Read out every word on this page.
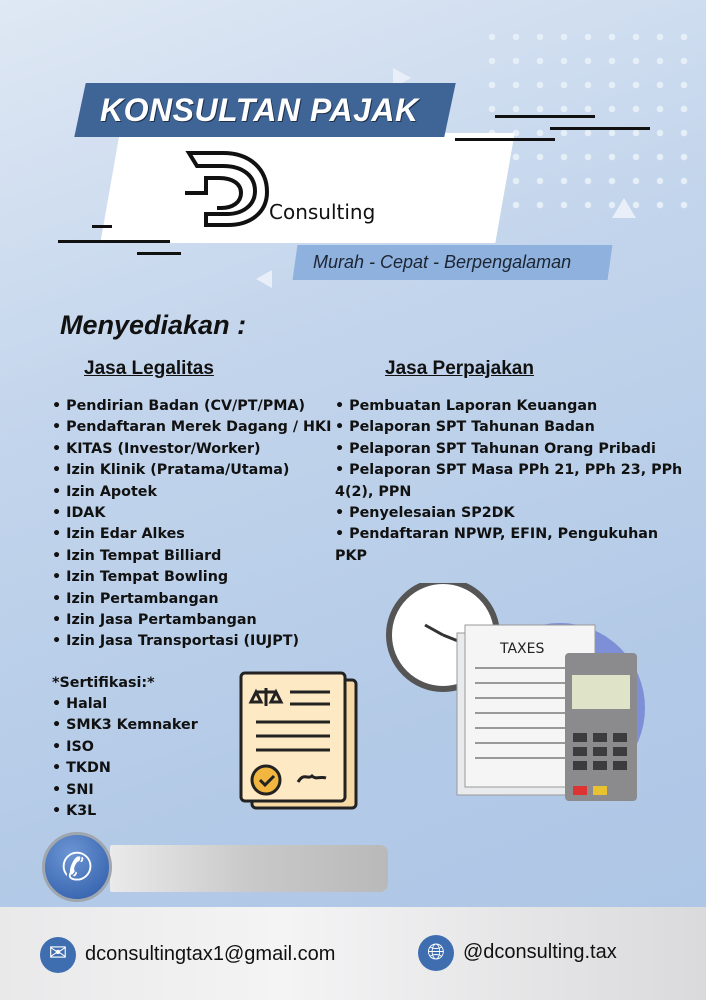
KONSULTAN PAJAK
Consulting
Murah - Cepat - Berpengalaman
Menyediakan :
Jasa Legalitas	Jasa Perpajakan
• Pendirian Badan (CV/PT/PMA)
• Pendaftaran Merek Dagang / HKI
• KITAS (Investor/Worker)
• Izin Klinik (Pratama/Utama)
• Izin Apotek
• IDAK
• Izin Edar Alkes
• Izin Tempat Billiard
• Izin Tempat Bowling
• Izin Pertambangan
• Izin Jasa Pertambangan
• Izin Jasa Transportasi (IUJPT)
*Sertifikasi:*
• Halal
• SMK3 Kemnaker
• ISO
• TKDN
• SNI
• K3L
• Pembuatan Laporan Keuangan
• Pelaporan SPT Tahunan Badan
• Pelaporan SPT Tahunan Orang Pribadi
• Pelaporan SPT Masa PPh 21, PPh 23, PPh 4(2), PPN
• Penyelesaian SP2DK
• Pendaftaran NPWP, EFIN, Pengukuhan PKP
TAXES
✆
✉ dconsultingtax1@gmail.com	🌐︎ @dconsulting.tax
